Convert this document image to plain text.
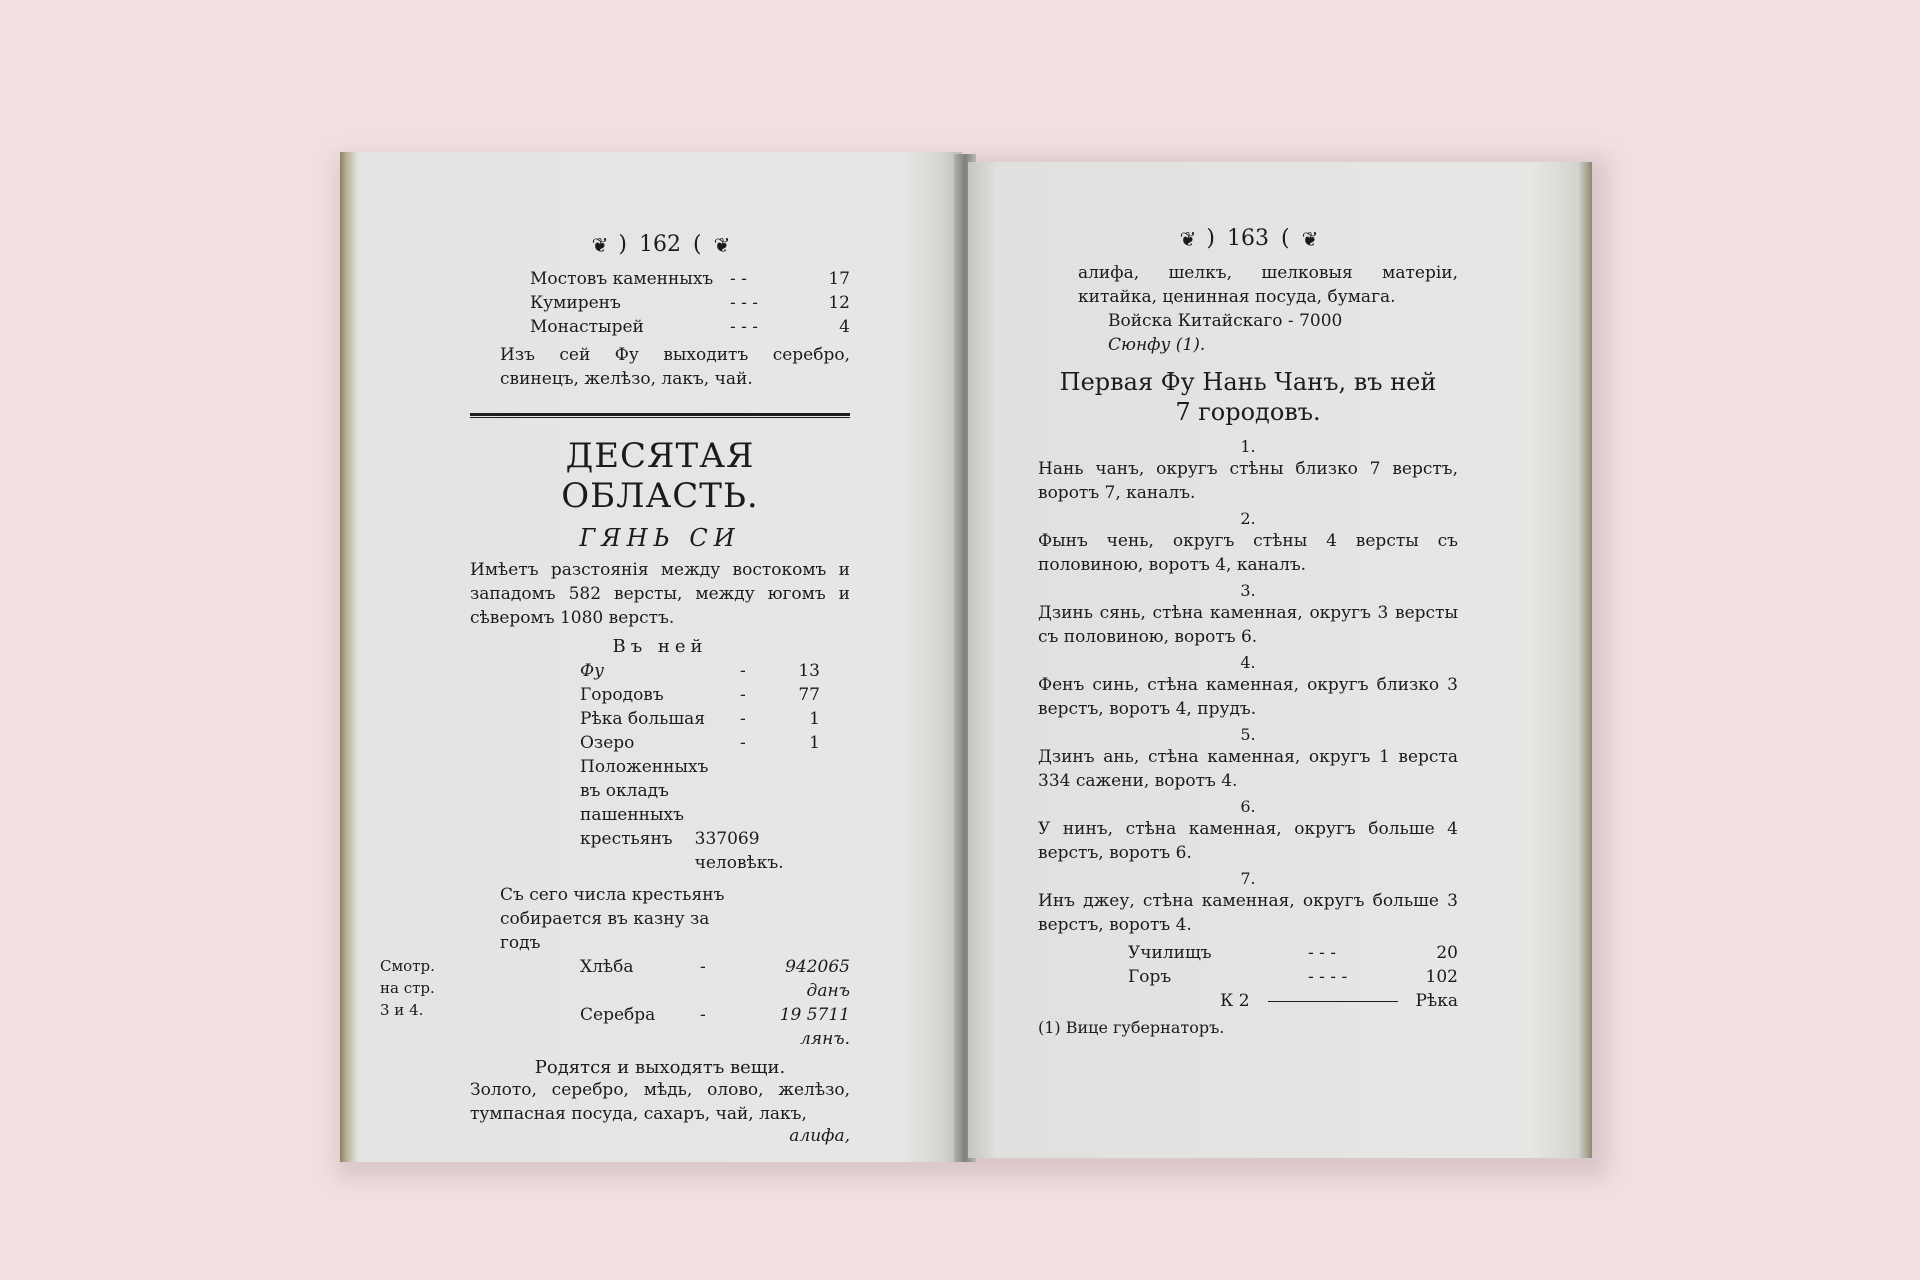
❦ ) 162 ( ❦
Мостовъ каменныхъ - -	17
Кумиренъ	- - -	12
Монастырей	- - -	4
Изъ сей Фу выходитъ серебро, свинецъ, желѣзо, лакъ, чай.
ДЕСЯТАЯ ОБЛАСТЬ.
ГЯНЬ СИ
Имѣетъ разстоянія между востокомъ и западомъ 582 версты, между югомъ и сѣверомъ 1080 верстъ.
Въ ней
Фу	-	13
Городовъ	-	77
Рѣка большая	-	1
Озеро	-	1
Положенныхъ
въ окладъ
пашенныхъ
крестьянъ 337069 человѣкъ.
Съ сего числа крестьянъ
собирается въ казну за
годъ
Смотр.
на стр.
3 и 4.
Хлѣба	-	942065 данъ
Серебра	-	19 5711 лянъ.
Родятся и выходятъ вещи.
Золото, серебро, мѣдь, олово, желѣзо, тумпасная посуда, сахаръ, чай, лакъ,
алифа,
❦ ) 163 ( ❦
алифа, шелкъ, шелковыя матеріи, китайка, ценинная посуда, бумага.
Войска Китайскаго - 7000
Сюнфу (1).
Первая Фу Нань Чанъ, въ ней
7 городовъ.
1.
Нань чанъ, округъ стѣны близко 7 верстъ, воротъ 7, каналъ.
2.
Фынъ чень, округъ стѣны 4 версты съ половиною, воротъ 4, каналъ.
3.
Дзинь сянь, стѣна каменная, округъ 3 версты съ половиною, воротъ 6.
4.
Фенъ синь, стѣна каменная, округъ близко 3 верстъ, воротъ 4, прудъ.
5.
Дзинъ ань, стѣна каменная, округъ 1 верста 334 сажени, воротъ 4.
6.
У нинъ, стѣна каменная, округъ больше 4 верстъ, воротъ 6.
7.
Инъ джеу, стѣна каменная, округъ больше 3 верстъ, воротъ 4.
Училищъ	- - -	20
Горъ	- - - -	102
К 2	Рѣка
(1) Вице губернаторъ.
